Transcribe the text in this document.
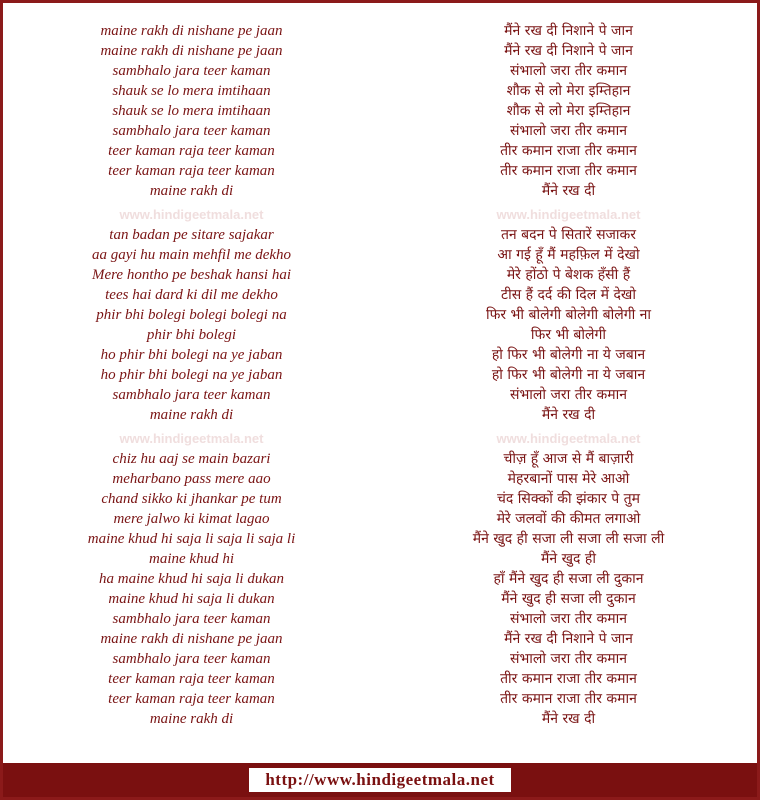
maine rakh di nishane pe jaan	मैंने रख दी निशाने पे जान
maine rakh di nishane pe jaan	मैंने रख दी निशाने पे जान
sambhalo jara teer kaman	संभालो जरा तीर कमान
shauk se lo mera imtihaan	शौक से लो मेरा इम्तिहान
shauk se lo mera imtihaan	शौक से लो मेरा इम्तिहान
sambhalo jara teer kaman	संभालो जरा तीर कमान
teer kaman raja teer kaman	तीर कमान राजा तीर कमान
teer kaman raja teer kaman	तीर कमान राजा तीर कमान
maine rakh di	मैंने रख दी
www.hindigeetmala.net	www.hindigeetmala.net
tan badan pe sitare sajakar	तन बदन पे सितारें सजाकर
aa gayi hu main mehfil me dekho	आ गई हूँ मैं महफ़िल में देखो
Mere hontho pe beshak hansi hai	मेरे होंठो पे बेशक हँसी हैं
tees hai dard ki dil me dekho	टीस हैं दर्द की दिल में देखो
phir bhi bolegi bolegi bolegi na	फिर भी बोलेगी बोलेगी बोलेगी ना
phir bhi bolegi	फिर भी बोलेगी
ho phir bhi bolegi na ye jaban	हो फिर भी बोलेगी ना ये जबान
ho phir bhi bolegi na ye jaban	हो फिर भी बोलेगी ना ये जबान
sambhalo jara teer kaman	संभालो जरा तीर कमान
maine rakh di	मैंने रख दी
www.hindigeetmala.net	www.hindigeetmala.net
chiz hu aaj se main bazari	चीज़ हूँ आज से मैं बाज़ारी
meharbano pass mere aao	मेहरबानों पास मेरे आओ
chand sikko ki jhankar pe tum	चंद सिक्कों की झंकार पे तुम
mere jalwo ki kimat lagao	मेरे जलवों की कीमत लगाओ
maine khud hi saja li saja li saja li	मैंने खुद ही सजा ली सजा ली सजा ली
maine khud hi	मैंने खुद ही
ha maine khud hi saja li dukan	हाँ मैंने खुद ही सजा ली दुकान
maine khud hi saja li dukan	मैंने खुद ही सजा ली दुकान
sambhalo jara teer kaman	संभालो जरा तीर कमान
maine rakh di nishane pe jaan	मैंने रख दी निशाने पे जान
sambhalo jara teer kaman	संभालो जरा तीर कमान
teer kaman raja teer kaman	तीर कमान राजा तीर कमान
teer kaman raja teer kaman	तीर कमान राजा तीर कमान
maine rakh di	मैंने रख दी
http://www.hindigeetmala.net
